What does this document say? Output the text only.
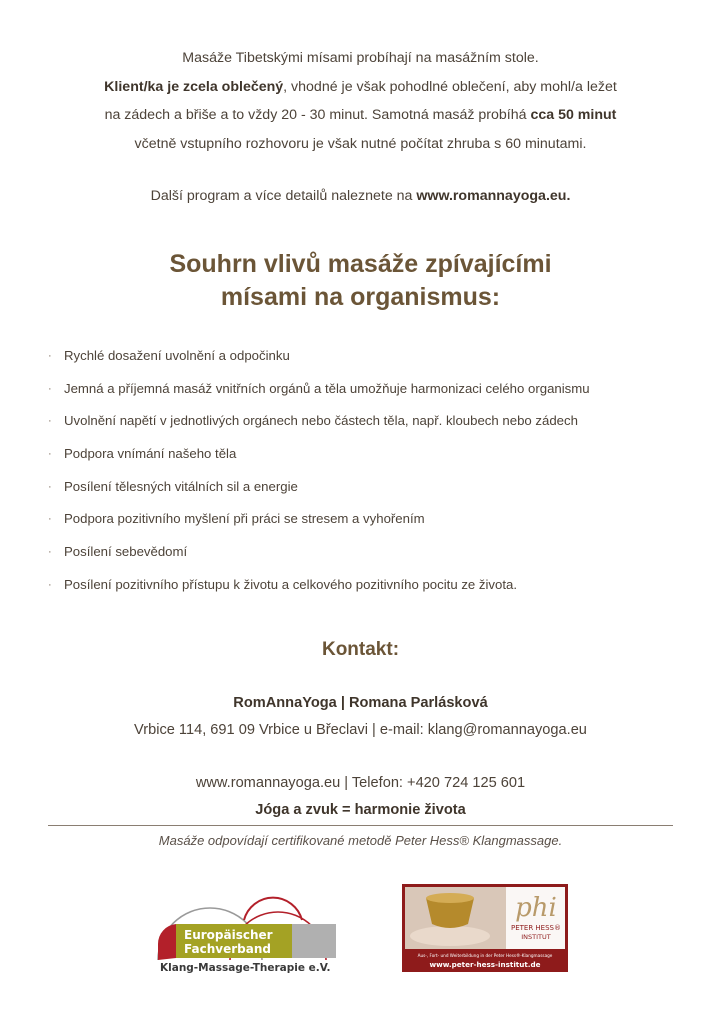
Masáže Tibetskými mísami probíhají na masážním stole.

Klient/ka je zcela oblečený, vhodné je však pohodlné oblečení, aby mohl/a ležet

na zádech a břiše a to vždy 20 - 30 minut. Samotná masáž probíhá cca 50 minut

včetně vstupního rozhovoru je však nutné počítat zhruba s 60 minutami.

Další program a více detailů naleznete na www.romannayoga.eu.
Souhrn vlivů masáže zpívajícími
mísami na organismus:
· Rychlé dosažení uvolnění a odpočinku
· Jemná a příjemná masáž vnitřních orgánů a těla umožňuje harmonizaci celého organismu
· Uvolnění napětí v jednotlivých orgánech nebo částech těla, např. kloubech nebo zádech
· Podpora vnímání našeho těla
· Posílení tělesných vitálních sil a energie
· Podpora pozitivního myšlení při práci se stresem a vyhořením
· Posílení sebevědomí
· Posílení pozitivního přístupu k životu a celkového pozitivního pocitu ze života.
Kontakt:
RomAnnaYoga | Romana Parlásková
Vrbice 114, 691 09 Vrbice u Břeclavi | e-mail: klang@romannayoga.eu
www.romannayoga.eu | Telefon: +420 724 125 601
Jóga a zvuk = harmonie života

Masáže odpovídají certifikované metodě Peter Hess® Klangmassage.

Europäischer
Fachverband
Klang-Massage-Therapie e.V.
phi
PETER HESS®
INSTITUT
Aus-, Fort- und Weiterbildung in der Peter Hess®-Klangmassage
www.peter-hess-institut.de
